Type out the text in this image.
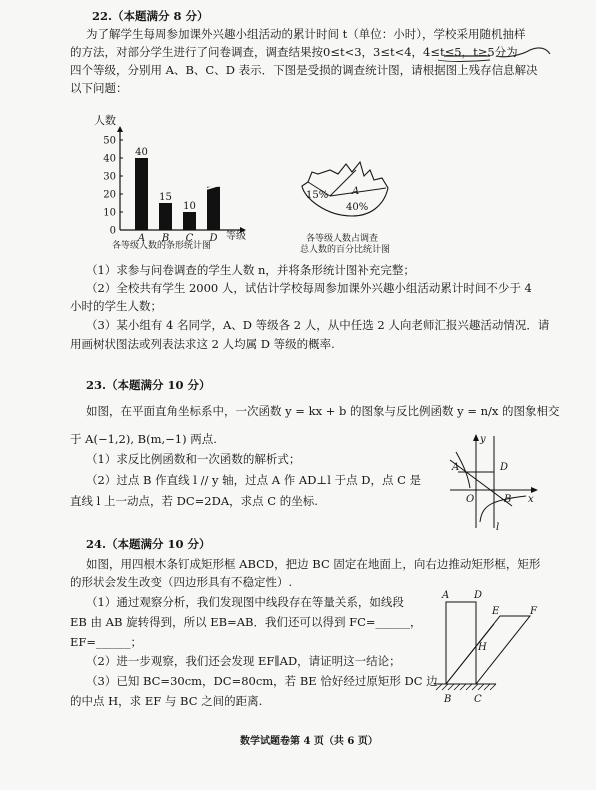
22.（本题满分 8 分）
为了解学生每周参加课外兴趣小组活动的累计时间 t（单位：小时），学校采用随机抽样
的方法，对部分学生进行了问卷调查，调查结果按0≤t<3，3≤t<4，4≤t≤5，t≥5分为
四个等级，分别用 A、B、C、D 表示．下图是受损的调查统计图，请根据图上残存信息解决
以下问题：
人数
等级
0
10
20
30
40
50
40
A
15
B
10
C D
各等级人数的条形统计图
15% A
40%
各等级人数占调查
总人数的百分比统计图
（1）求参与问卷调查的学生人数 n，并将条形统计图补充完整；
（2）全校共有学生 2000 人，试估计学校每周参加课外兴趣小组活动累计时间不少于 4
小时的学生人数；
（3）某小组有 4 名同学，A、D 等级各 2 人，从中任选 2 人向老师汇报兴趣活动情况．请
用画树状图法或列表法求这 2 人均属 D 等级的概率.
23.（本题满分 10 分）
如图，在平面直角坐标系中，一次函数 y = kx + b 的图象与反比例函数 y = n/x 的图象相交
于 A(−1,2), B(m,−1) 两点.
（1）求反比例函数和一次函数的解析式；
（2）过点 B 作直线 l // y 轴，过点 A 作 AD⊥l 于点 D，点 C 是
直线 l 上一动点，若 DC=2DA，求点 C 的坐标.
y
x
A	D
O	B
l
24.（本题满分 10 分）
如图，用四根木条钉成矩形框 ABCD，把边 BC 固定在地面上，向右边推动矩形框，矩形
的形状会发生改变（四边形具有不稳定性）.
（1）通过观察分析，我们发现图中线段存在等量关系，如线段
EB 由 AB 旋转得到，所以 EB=AB．我们还可以得到 FC=______，
EF=______；
（2）进一步观察，我们还会发现 EF∥AD，请证明这一结论；
（3）已知 BC=30cm，DC=80cm，若 BE 恰好经过原矩形 DC 边
的中点 H，求 EF 与 BC 之间的距离.
A D
E	F
H
B C
数学试题卷第 4 页（共 6 页）
